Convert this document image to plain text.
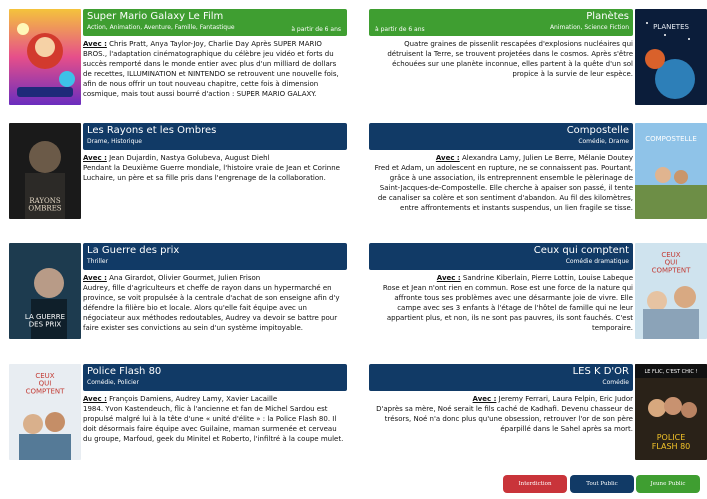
Super Mario Galaxy Le Film
Action, Animation, Aventure, Famille, Fantastique	à partir de 6 ans
Avec : Chris Pratt, Anya Taylor-Joy, Charlie Day Après SUPER MARIO BROS., l'adaptation cinématographique du célèbre jeu vidéo et forts du succès remporté dans le monde entier avec plus d'un milliard de dollars de recettes, ILLUMINATION et NINTENDO se retrouvent une nouvelle fois, afin de nous offrir un tout nouveau chapitre, cette fois à dimension cosmique, mais tout aussi bourré d'action : SUPER MARIO GALAXY.
PLANETES
Planètes
Animation, Science Fiction
à partir de 6 ans
Quatre graines de pissenlit rescapées d'explosions nucléaires qui détruisent la Terre, se trouvent projetées dans le cosmos. Après s'être échouées sur une planète inconnue, elles partent à la quête d'un sol propice à la survie de leur espèce.
RAYONS OMBRES
Les Rayons et les Ombres
Drame, Historique
Avec : Jean Dujardin, Nastya Golubeva, August Diehl
Pendant la Deuxième Guerre mondiale, l'histoire vraie de Jean et Corinne Luchaire, un père et sa fille pris dans l'engrenage de la collaboration.
COMPOSTELLE
Compostelle
Comédie, Drame
Avec : Alexandra Lamy, Julien Le Berre, Mélanie Doutey
Fred et Adam, un adolescent en rupture, ne se connaissent pas. Pourtant, grâce à une association, ils entreprennent ensemble le pèlerinage de Saint-Jacques-de-Compostelle. Elle cherche à apaiser son passé, il tente de canaliser sa colère et son sentiment d'abandon. Au fil des kilomètres, entre affrontements et instants suspendus, un lien fragile se tisse.
LA GUERRE DES PRIX
La Guerre des prix
Thriller
Avec : Ana Girardot, Olivier Gourmet, Julien Frison
Audrey, fille d'agriculteurs et cheffe de rayon dans un hypermarché en province, se voit propulsée à la centrale d'achat de son enseigne afin d'y défendre la filière bio et locale. Alors qu'elle fait équipe avec un négociateur aux méthodes redoutables, Audrey va devoir se battre pour faire exister ses convictions au sein d'un système impitoyable.
CEUX QUI COMPTENT
Ceux qui comptent
Comédie dramatique
Avec : Sandrine Kiberlain, Pierre Lottin, Louise Labeque
Rose et Jean n'ont rien en commun. Rose est une force de la nature qui affronte tous ses problèmes avec une désarmante joie de vivre. Elle campe avec ses 3 enfants à l'étage de l'hôtel de famille qui ne leur appartient plus, et non, ils ne sont pas pauvres, ils sont fauchés. C'est temporaire.
CEUX QUI COMPTENT
Police Flash 80
Comédie, Policier
Avec : François Damiens, Audrey Lamy, Xavier Lacaille
1984. Yvon Kastendeuch, flic à l'ancienne et fan de Michel Sardou est propulsé malgré lui à la tête d'une « unité d'élite » : la Police Flash 80. Il doit désormais faire équipe avec Guilaine, maman surmenée et cerveau du groupe, Marfoud, geek du Minitel et Roberto, l'infiltré à la coupe mulet.
LE FLIC, C'EST CHIC !
POLICE FLASH 80
LES K D'OR
Comédie
Avec : Jeremy Ferrari, Laura Felpin, Eric Judor
D'après sa mère, Noé serait le fils caché de Kadhafi. Devenu chasseur de trésors, Noé n'a donc plus qu'une obsession, retrouver l'or de son père éparpillé dans le Sahel après sa mort.
Interdiction	Tout Public	Jeune Public
